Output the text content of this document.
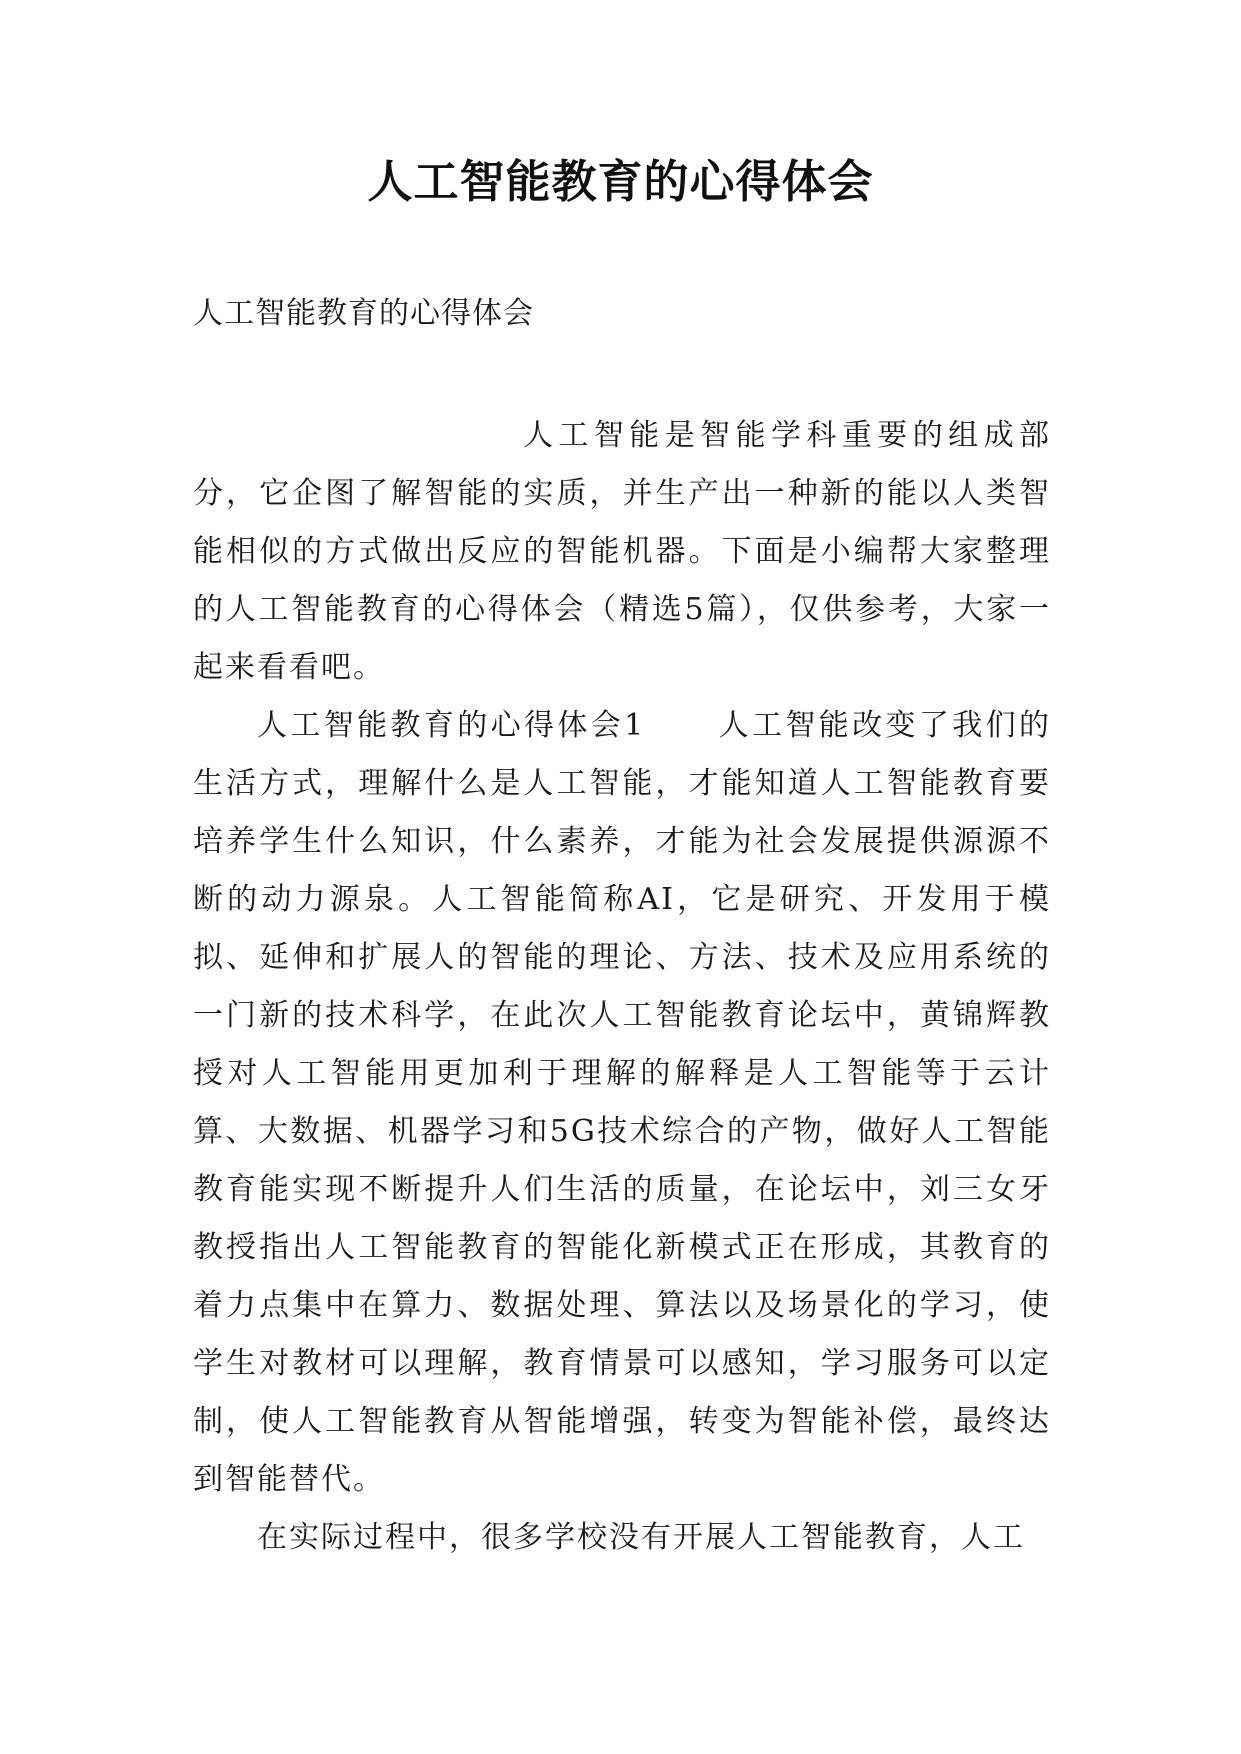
人工智能教育的心得体会
人工智能教育的心得体会

人工智能是智能学科重要的组成部分，它企图了解智能的实质，并生产出一种新的能以人类智能相似的方式做出反应的智能机器。下面是小编帮大家整理的人工智能教育的心得体会（精选5篇），仅供参考，大家一起来看看吧。

人工智能教育的心得体会1 人工智能改变了我们的生活方式，理解什么是人工智能，才能知道人工智能教育要培养学生什么知识，什么素养，才能为社会发展提供源源不断的动力源泉。人工智能简称AI，它是研究、开发用于模拟、延伸和扩展人的智能的理论、方法、技术及应用系统的一门新的技术科学，在此次人工智能教育论坛中，黄锦辉教授对人工智能用更加利于理解的解释是人工智能等于云计算、大数据、机器学习和5G技术综合的产物，做好人工智能教育能实现不断提升人们生活的质量，在论坛中，刘三女牙教授指出人工智能教育的智能化新模式正在形成，其教育的着力点集中在算力、数据处理、算法以及场景化的学习，使学生对教材可以理解，教育情景可以感知，学习服务可以定制，使人工智能教育从智能增强，转变为智能补偿，最终达到智能替代。

在实际过程中，很多学校没有开展人工智能教育，人工
